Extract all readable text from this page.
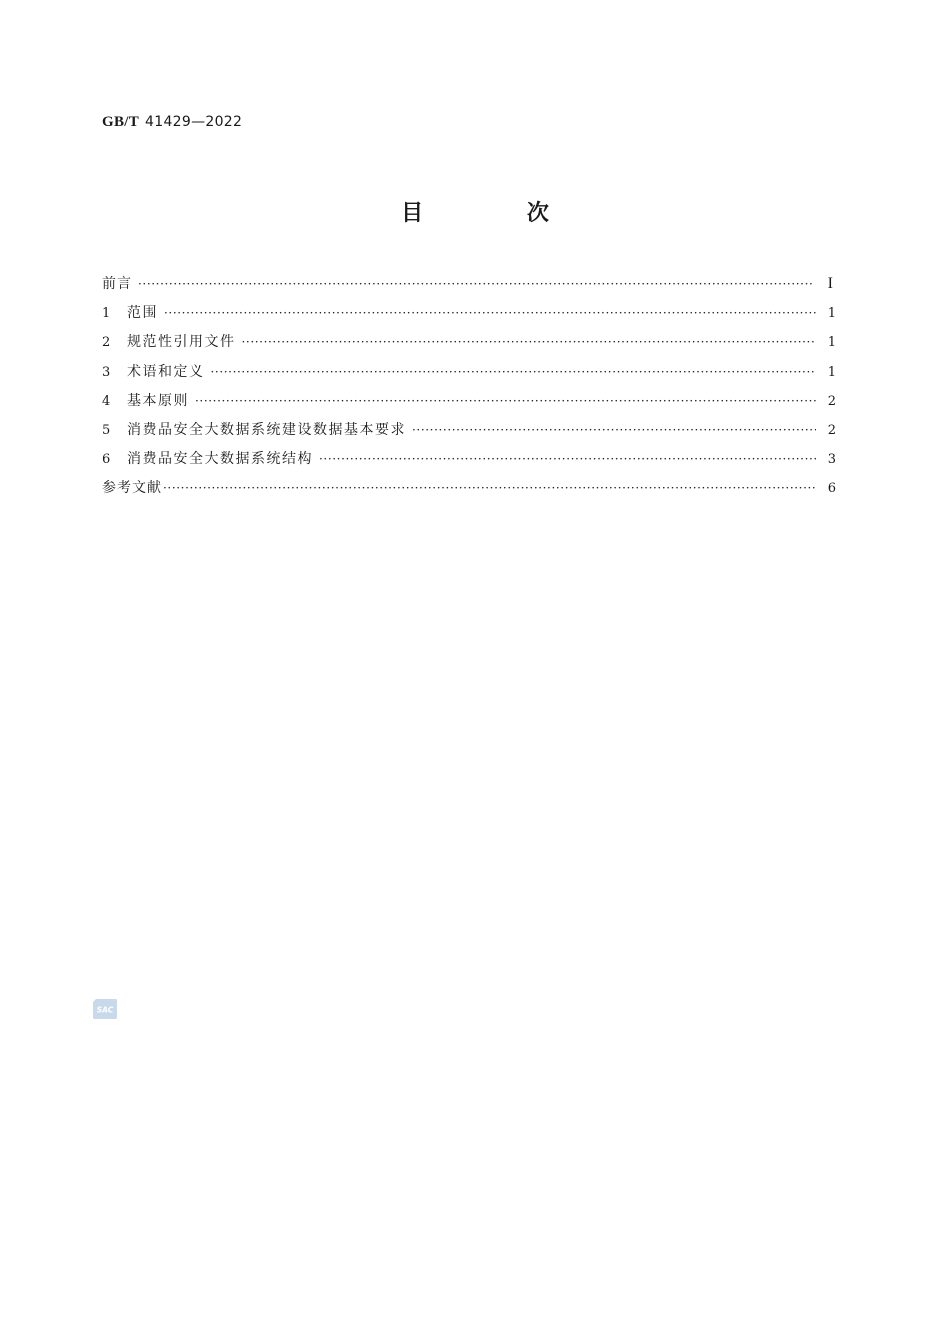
GB/T 41429—2022
目 次
前言 ·····	I
1	范围 ·····	1
2	规范性引用文件 ·····	1
3	术语和定义 ·····	1
4	基本原则 ·····	2
5	消费品安全大数据系统建设数据基本要求 ·····	2
6	消费品安全大数据系统结构 ·····	3
参考文献 ·····	6
SAC
